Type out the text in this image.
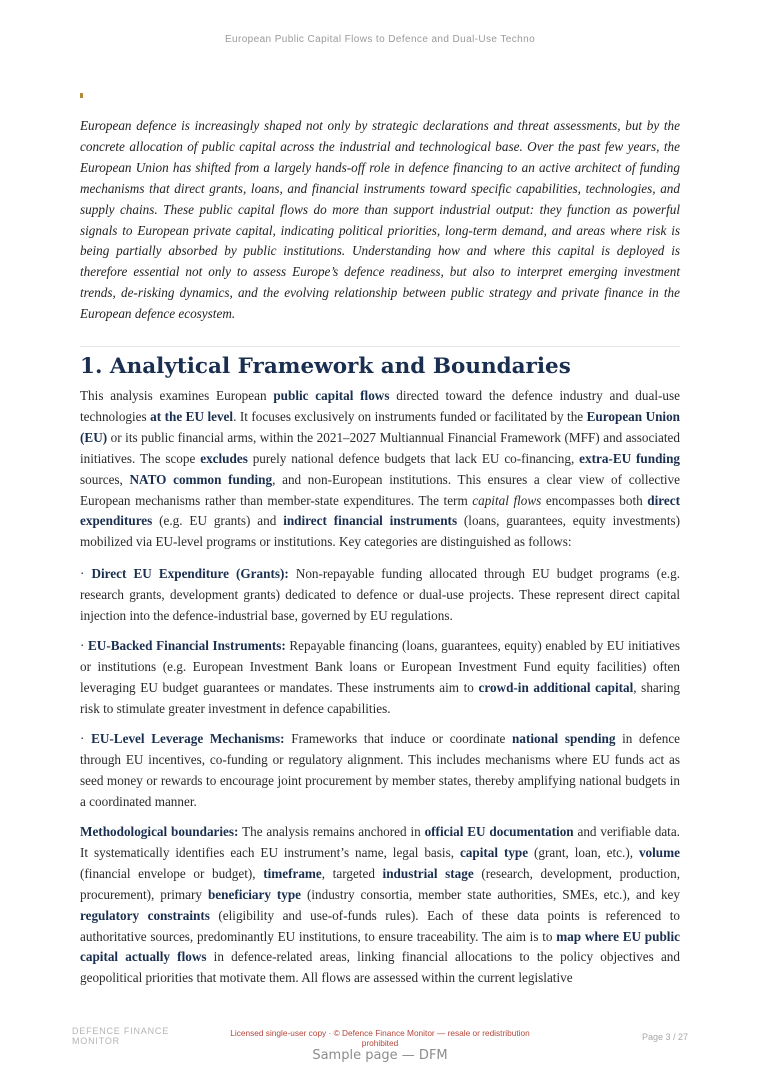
European Public Capital Flows to Defence and Dual-Use Techno

European defence is increasingly shaped not only by strategic declarations and threat assessments, but by the concrete allocation of public capital across the industrial and technological base. Over the past few years, the European Union has shifted from a largely hands-off role in defence financing to an active architect of funding mechanisms that direct grants, loans, and financial instruments toward specific capabilities, technologies, and supply chains. These public capital flows do more than support industrial output: they function as powerful signals to European private capital, indicating political priorities, long-term demand, and areas where risk is being partially absorbed by public institutions. Understanding how and where this capital is deployed is therefore essential not only to assess Europe’s defence readiness, but also to interpret emerging investment trends, de-risking dynamics, and the evolving relationship between public strategy and private finance in the European defence ecosystem.

1. Analytical Framework and Boundaries

This analysis examines European public capital flows directed toward the defence industry and dual-use technologies at the EU level. It focuses exclusively on instruments funded or facilitated by the European Union (EU) or its public financial arms, within the 2021–2027 Multiannual Financial Framework (MFF) and associated initiatives. The scope excludes purely national defence budgets that lack EU co-financing, extra-EU funding sources, NATO common funding, and non-European institutions. This ensures a clear view of collective European mechanisms rather than member-state expenditures. The term capital flows encompasses both direct expenditures (e.g. EU grants) and indirect financial instruments (loans, guarantees, equity investments) mobilized via EU-level programs or institutions. Key categories are distinguished as follows:

· Direct EU Expenditure (Grants): Non-repayable funding allocated through EU budget programs (e.g. research grants, development grants) dedicated to defence or dual-use projects. These represent direct capital injection into the defence-industrial base, governed by EU regulations.

· EU-Backed Financial Instruments: Repayable financing (loans, guarantees, equity) enabled by EU initiatives or institutions (e.g. European Investment Bank loans or European Investment Fund equity facilities) often leveraging EU budget guarantees or mandates. These instruments aim to crowd-in additional capital, sharing risk to stimulate greater investment in defence capabilities.

· EU-Level Leverage Mechanisms: Frameworks that induce or coordinate national spending in defence through EU incentives, co-funding or regulatory alignment. This includes mechanisms where EU funds act as seed money or rewards to encourage joint procurement by member states, thereby amplifying national budgets in a coordinated manner.

Methodological boundaries: The analysis remains anchored in official EU documentation and verifiable data. It systematically identifies each EU instrument’s name, legal basis, capital type (grant, loan, etc.), volume (financial envelope or budget), timeframe, targeted industrial stage (research, development, production, procurement), primary beneficiary type (industry consortia, member state authorities, SMEs, etc.), and key regulatory constraints (eligibility and use-of-funds rules). Each of these data points is referenced to authoritative sources, predominantly EU institutions, to ensure traceability. The aim is to map where EU public capital actually flows in defence-related areas, linking financial allocations to the policy objectives and geopolitical priorities that motivate them. All flows are assessed within the current legislative

DEFENCE FINANCE
MONITOR
Licensed single-user copy · © Defence Finance Monitor — resale or redistribution prohibited
Page 3 / 27
Sample page — DFM
